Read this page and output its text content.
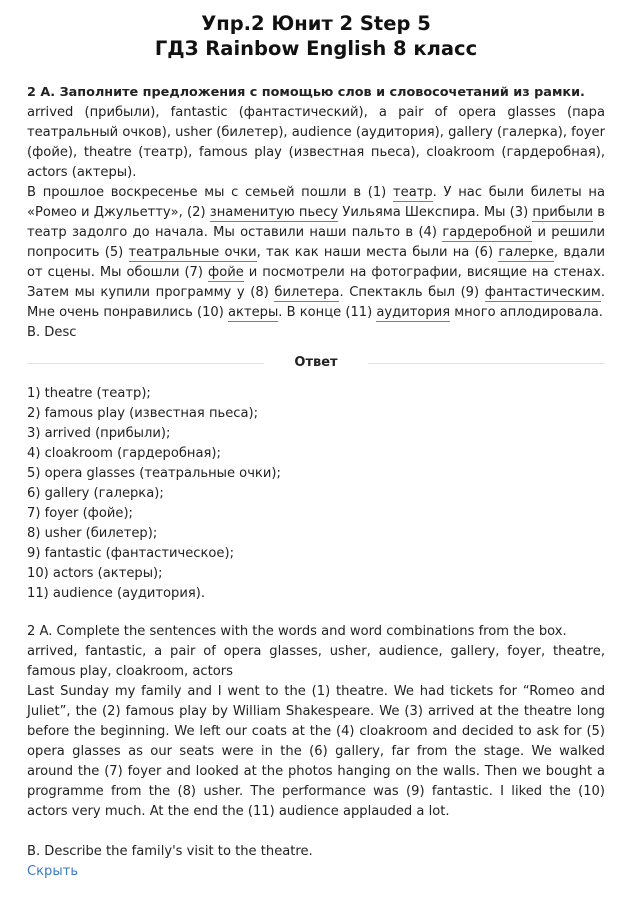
Упр.2 Юнит 2 Step 5
ГДЗ Rainbow English 8 класс

2 А. Заполните предложения с помощью слов и словосочетаний из рамки.

arrived (прибыли), fantastic (фантастический), a pair of opera glasses (пара театральный очков), usher (билетер), audience (аудитория), gallery (галерка), foyer (фойе), theatre (театр), famous play (известная пьеса), cloakroom (гардеробная), actors (актеры).

В прошлое воскресенье мы с семьей пошли в (1) театр. У нас были билеты на «Ромео и Джульетту», (2) знаменитую пьесу Уильяма Шекспира. Мы (3) прибыли в театр задолго до начала. Мы оставили наши пальто в (4) гардеробной и решили попросить (5) театральные очки, так как наши места были на (6) галерке, вдали от сцены. Мы обошли (7) фойе и посмотрели на фотографии, висящие на стенах. Затем мы купили программу у (8) билетера. Спектакль был (9) фантастическим. Мне очень понравились (10) актеры. В конце (11) аудитория много аплодировала.

B. Desc

Ответ
1) theatre (театр);
2) famous play (известная пьеса);
3) arrived (прибыли);
4) cloakroom (гардеробная);
5) opera glasses (театральные очки);
6) gallery (галерка);
7) foyer (фойе);
8) usher (билетер);
9) fantastic (фантастическое);
10) actors (актеры);
11) audience (аудитория).

2 A. Complete the sentences with the words and word combinations from the box.

arrived, fantastic, a pair of opera glasses, usher, audience, gallery, foyer, theatre, famous play, cloakroom, actors

Last Sunday my family and I went to the (1) theatre. We had tickets for “Romeo and Juliet”, the (2) famous play by William Shakespeare. We (3) arrived at the theatre long before the beginning. We left our coats at the (4) cloakroom and decided to ask for (5) opera glasses as our seats were in the (6) gallery, far from the stage. We walked around the (7) foyer and looked at the photos hanging on the walls. Then we bought a programme from the (8) usher. The performance was (9) fantastic. I liked the (10) actors very much. At the end the (11) audience applauded a lot.

B. Describe the family's visit to the theatre.

Скрыть
